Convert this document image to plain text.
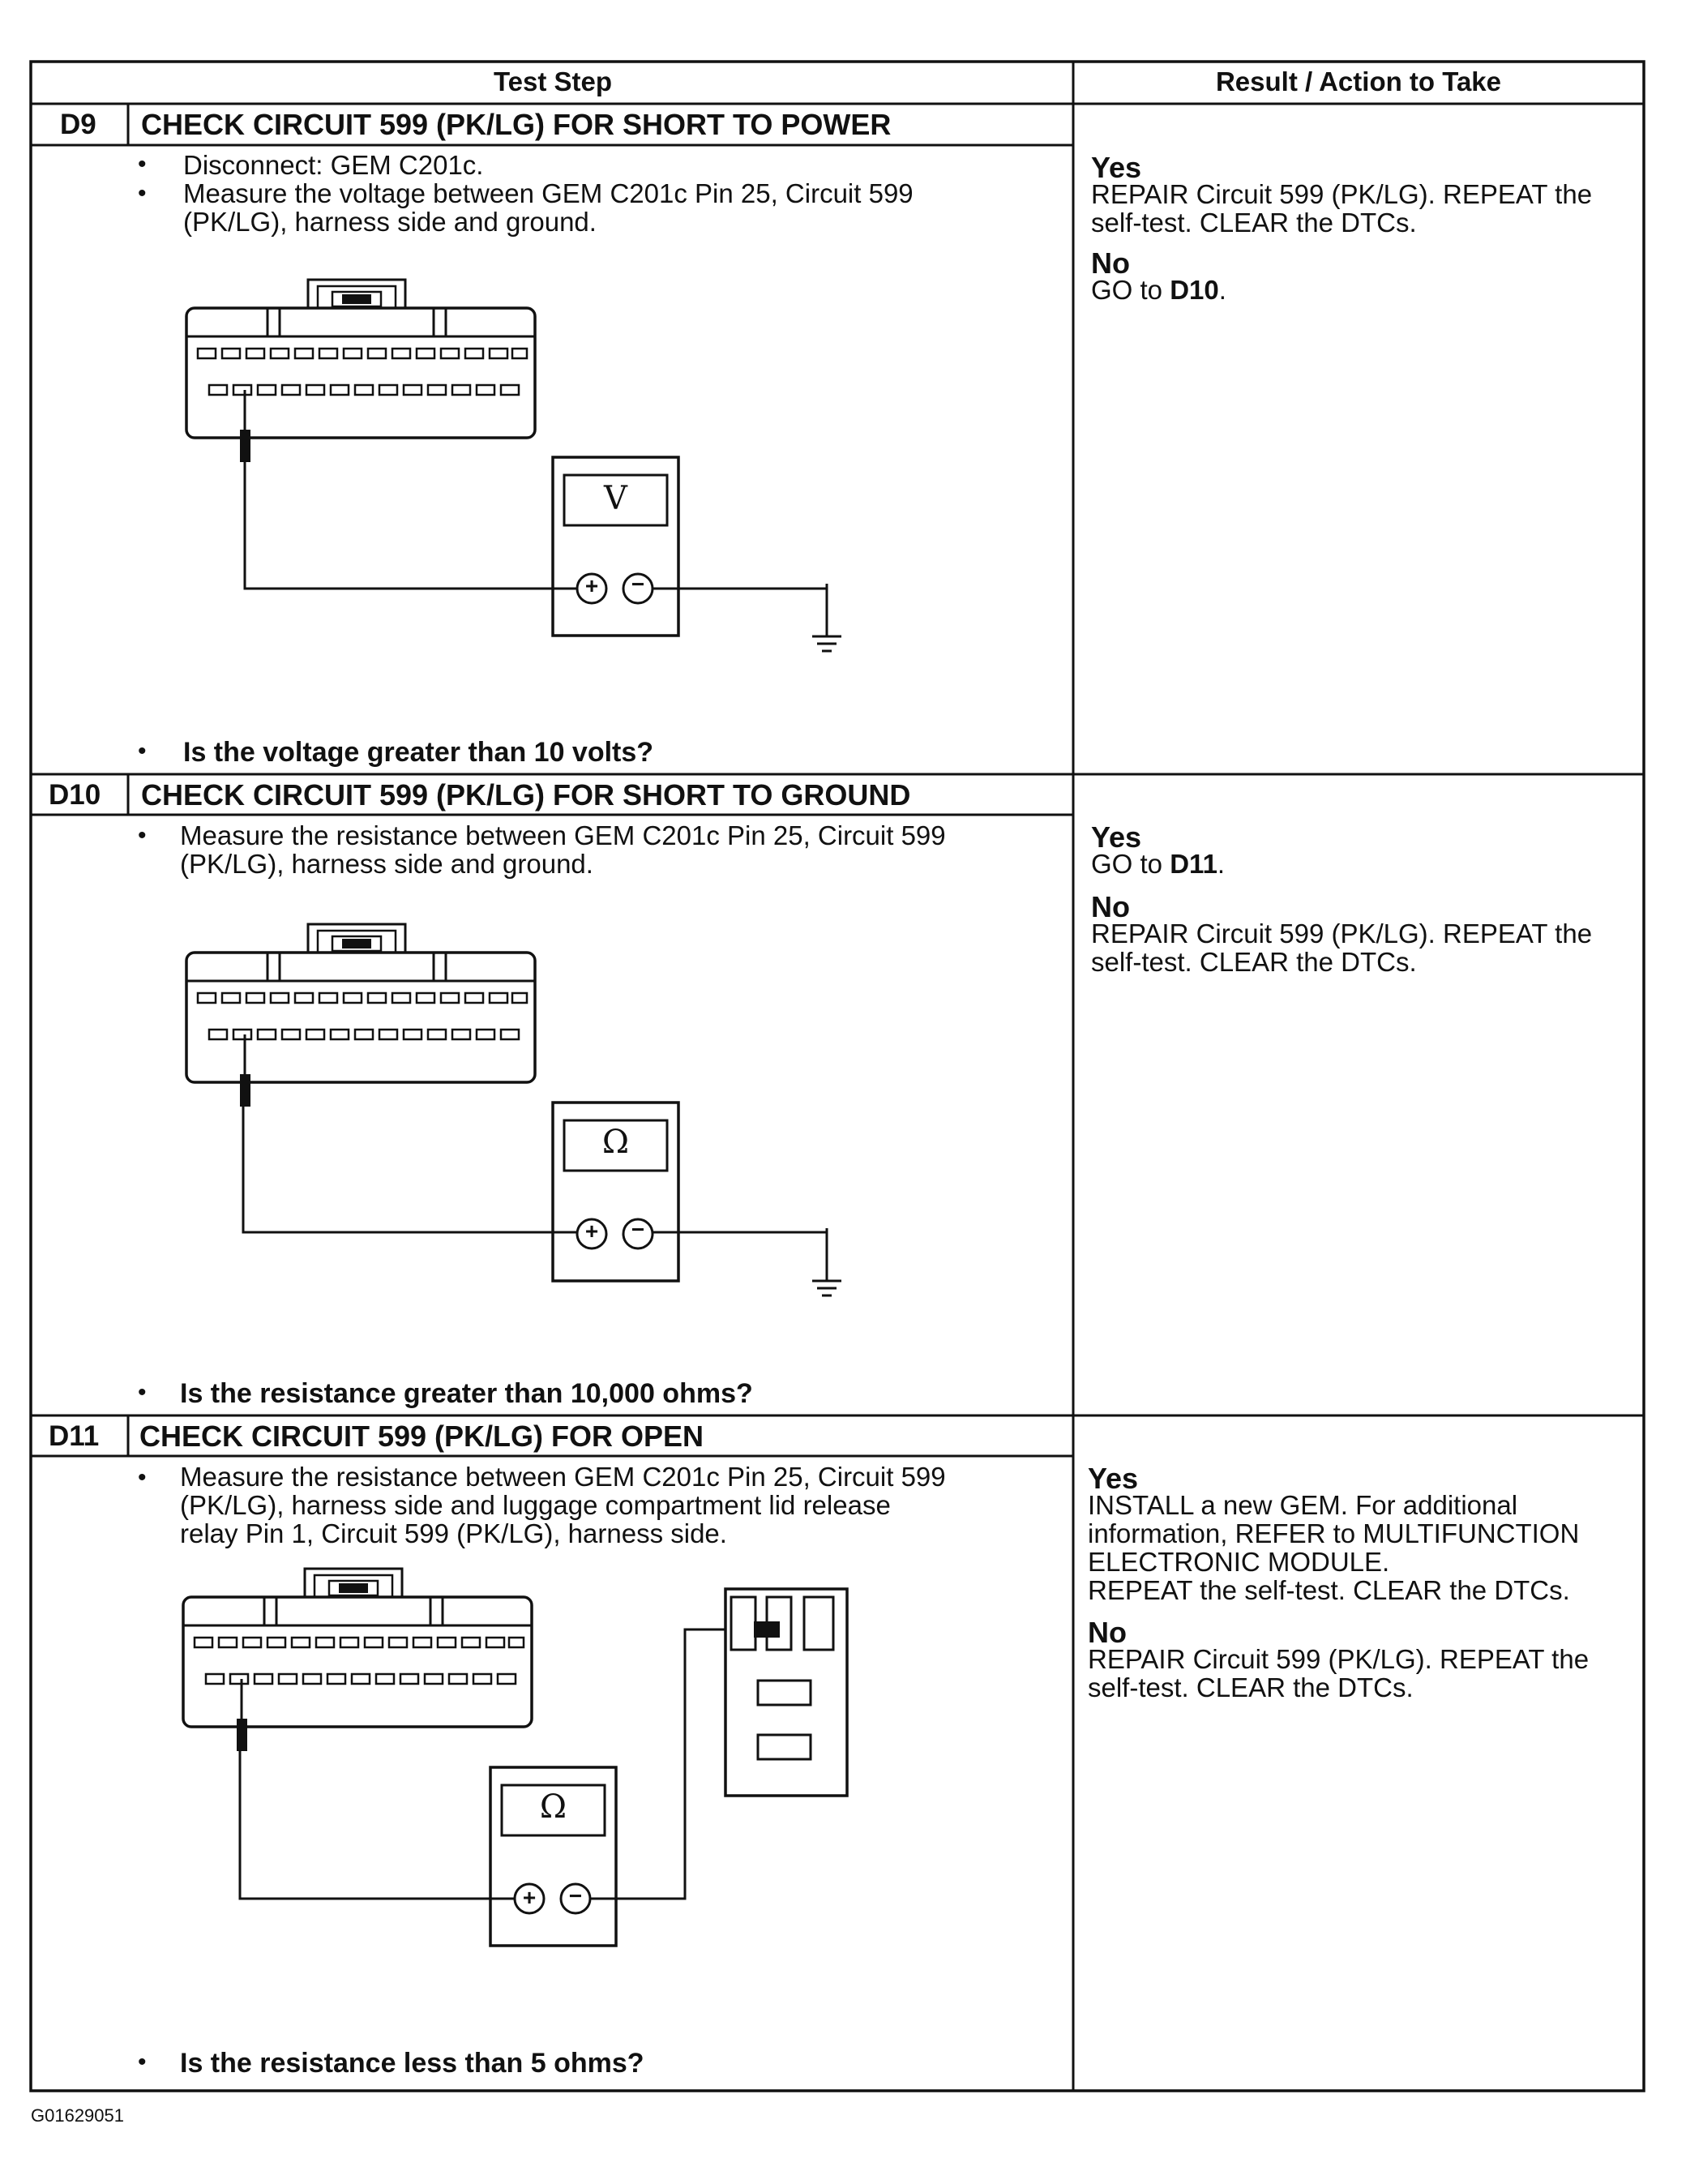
Test Step	Result / Action to Take
D9 CHECK CIRCUIT 599 (PK/LG) FOR SHORT TO POWER
• Disconnect: GEM C201c.
• Measure the voltage between GEM C201c Pin 25, Circuit 599
(PK/LG), harness side and ground.
V
+	−
• Is the voltage greater than 10 volts?
Yes
REPAIR Circuit 599 (PK/LG). REPEAT the
self-test. CLEAR the DTCs.
No
GO to D10.
D10 CHECK CIRCUIT 599 (PK/LG) FOR SHORT TO GROUND
• Measure the resistance between GEM C201c Pin 25, Circuit 599
(PK/LG), harness side and ground.
Ω
+	−
• Is the resistance greater than 10,000 ohms?
Yes
GO to D11.
No
REPAIR Circuit 599 (PK/LG). REPEAT the
self-test. CLEAR the DTCs.
D11 CHECK CIRCUIT 599 (PK/LG) FOR OPEN
• Measure the resistance between GEM C201c Pin 25, Circuit 599
(PK/LG), harness side and luggage compartment lid release
relay Pin 1, Circuit 599 (PK/LG), harness side.
Ω
+	−
• Is the resistance less than 5 ohms?
Yes
INSTALL a new GEM. For additional
information, REFER to MULTIFUNCTION
ELECTRONIC MODULE.
REPEAT the self-test. CLEAR the DTCs.
No
REPAIR Circuit 599 (PK/LG). REPEAT the
self-test. CLEAR the DTCs.
G01629051
